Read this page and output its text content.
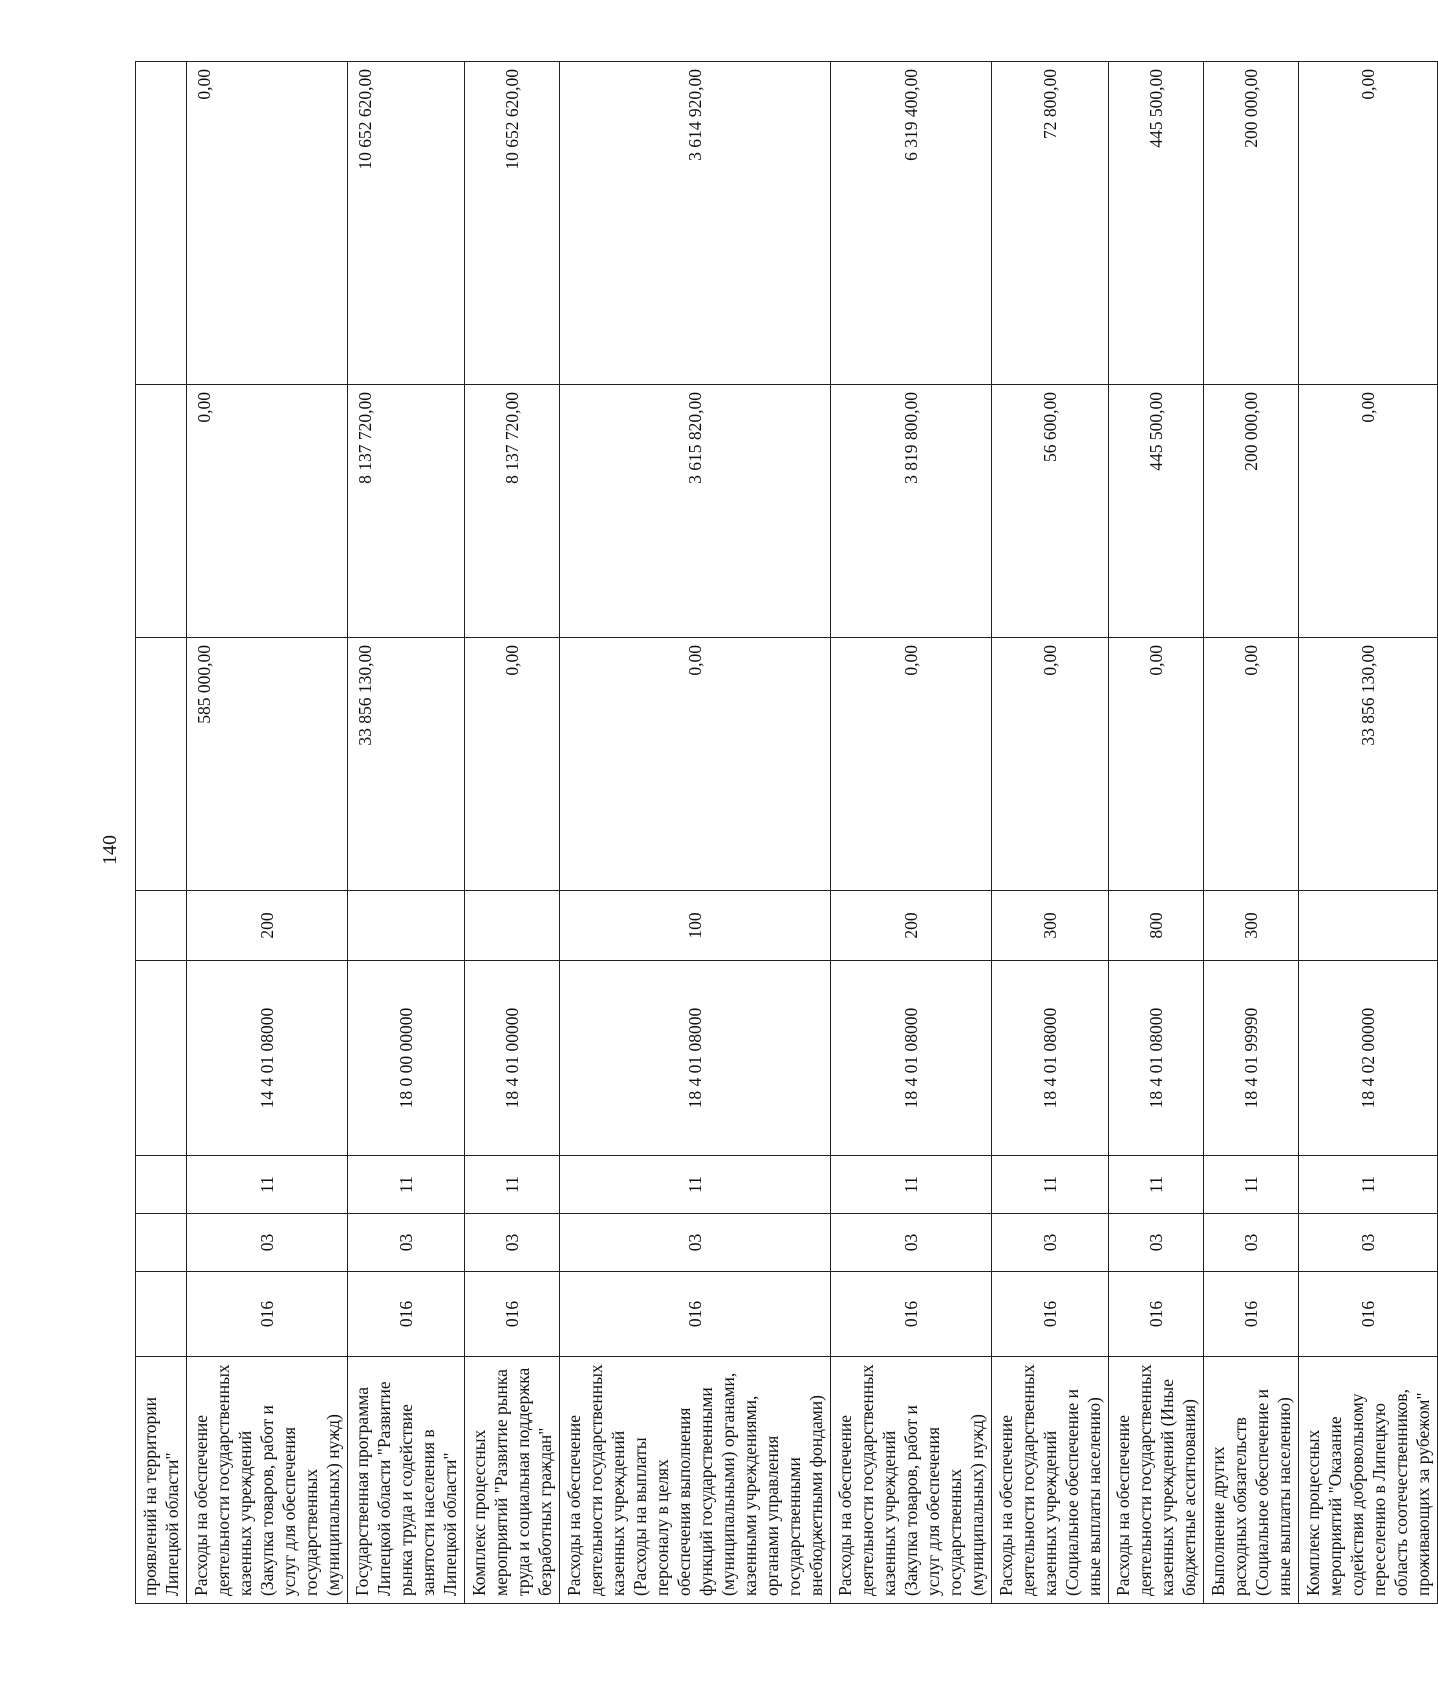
140
проявлений на территории Липецкой области"								
Расходы на обеспечение деятельности государственных казенных учреждений (Закупка товаров, работ и услуг для обеспечения государственных (муниципальных) нужд)	016	03	11	14 4 01 08000	200	585 000,00	0,00	0,00
Государственная программа Липецкой области "Развитие рынка труда и содействие занятости населения в Липецкой области"	016	03	11	18 0 00 00000		33 856 130,00	8 137 720,00	10 652 620,00
Комплекс процессных мероприятий "Развитие рынка труда и социальная поддержка безработных граждан"	016	03	11	18 4 01 00000		0,00	8 137 720,00	10 652 620,00
Расходы на обеспечение деятельности государственных казенных учреждений (Расходы на выплаты персоналу в целях обеспечения выполнения функций государственными (муниципальными) органами, казенными учреждениями, органами управления государственными внебюджетными фондами)	016	03	11	18 4 01 08000	100	0,00	3 615 820,00	3 614 920,00
Расходы на обеспечение деятельности государственных казенных учреждений (Закупка товаров, работ и услуг для обеспечения государственных (муниципальных) нужд)	016	03	11	18 4 01 08000	200	0,00	3 819 800,00	6 319 400,00
Расходы на обеспечение деятельности государственных казенных учреждений (Социальное обеспечение и иные выплаты населению)	016	03	11	18 4 01 08000	300	0,00	56 600,00	72 800,00
Расходы на обеспечение деятельности государственных казенных учреждений (Иные бюджетные ассигнования)	016	03	11	18 4 01 08000	800	0,00	445 500,00	445 500,00
Выполнение других расходных обязательств (Социальное обеспечение и иные выплаты населению)	016	03	11	18 4 01 99990	300	0,00	200 000,00	200 000,00
Комплекс процессных мероприятий "Оказание содействия добровольному переселению в Липецкую область соотечественников, проживающих за рубежом"	016	03	11	18 4 02 00000		33 856 130,00	0,00	0,00
